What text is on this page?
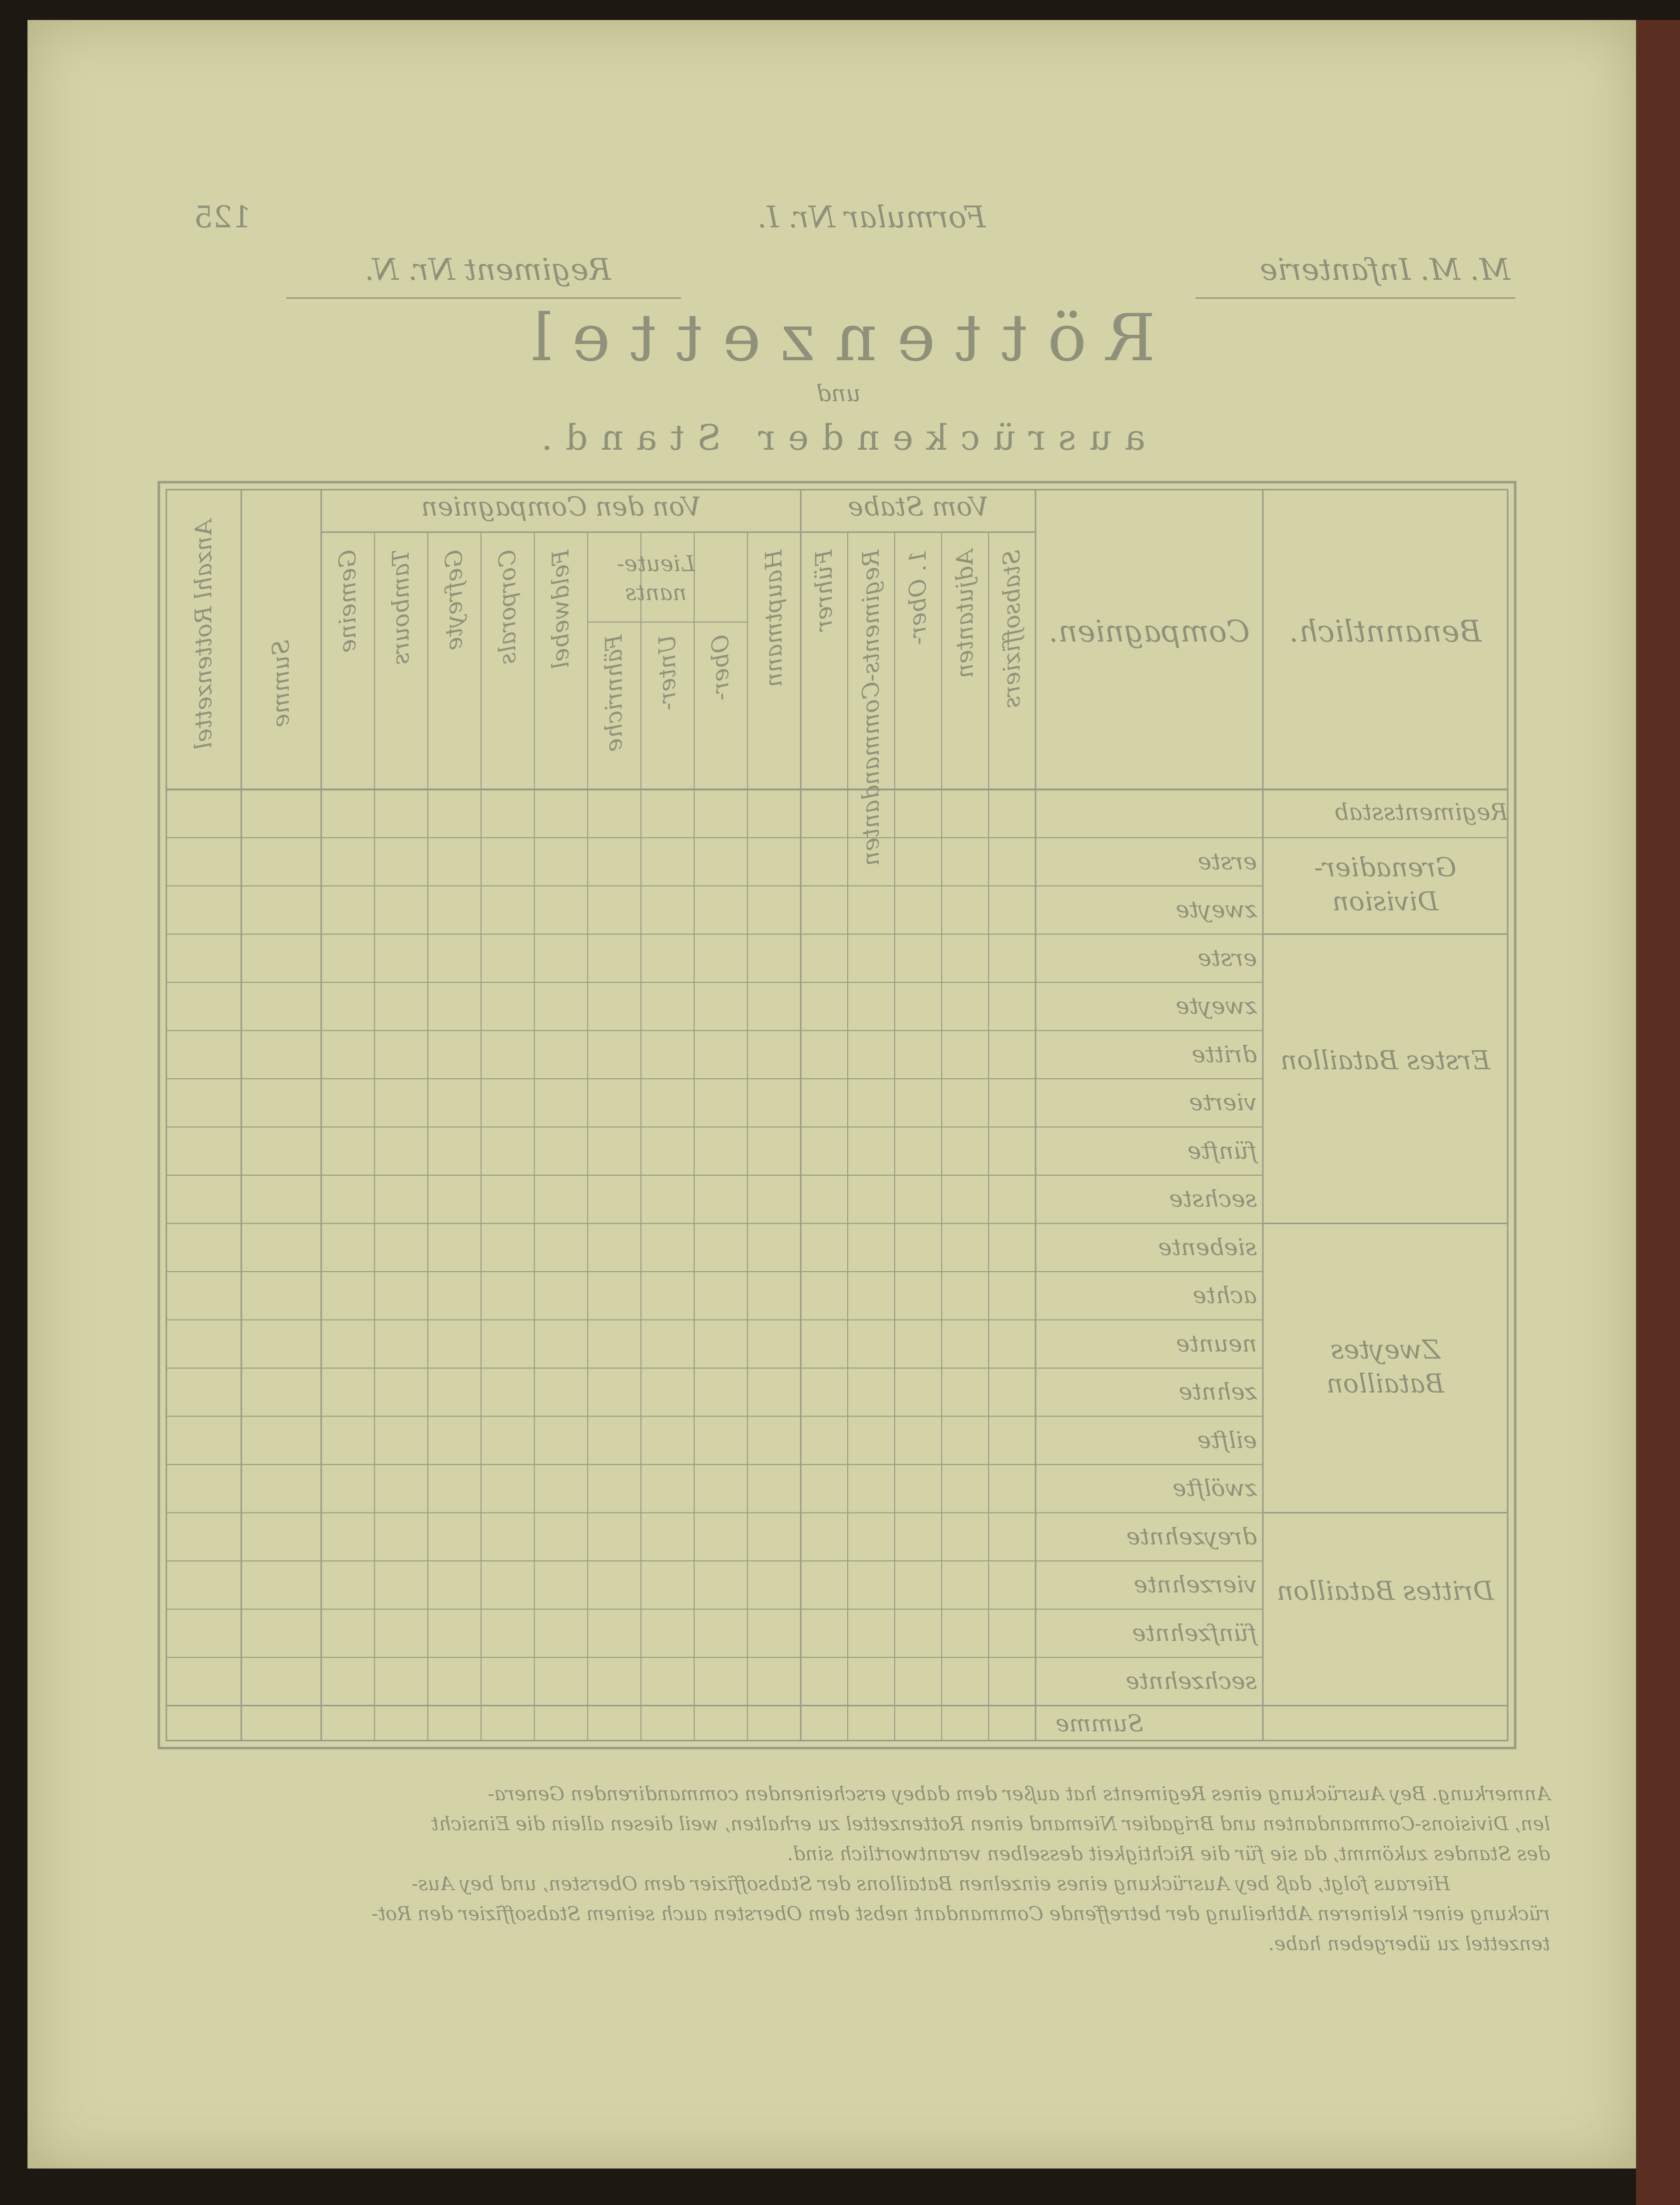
M. M. Infanterie
Formular Nr. I.
Regiment Nr. N.
125
Röttenzettel
und
ausrückender Stand.
Benanntlich.
Compagnien.
Vom Stabe
Von den Compagnien
Lieute-nants	Stabsoffiziers
Adjutanten
1. Ober-
Regiments-Commandanten
Führer
Hauptmann
Ober-
Unter-
Fähnriche
Feldwebel
Corporals
Gefreyte
Tambours
Gemeine
Summe
Anzahl Rottenzettel
Regimentsstab
Grenadier-Division
erste
zweyte
Erstes Bataillon
erste
zweyte
dritte
vierte
fünfte
sechste
Zweytes Bataillon
siebente
achte
neunte
zehnte
eilfte
zwölfte
Drittes Bataillon
dreyzehnte
vierzehnte
fünfzehnte
sechzehnte
Summe
Anmerkung. Bey Ausrückung eines Regiments hat außer dem dabey erscheinenden commandirenden Genera-
len, Divisions-Commandanten und Brigadier Niemand einen Rottenzettel zu erhalten, weil diesen allein die Einsicht
des Standes zukömmt, da sie für die Richtigkeit desselben verantwortlich sind.
Hieraus folgt, daß bey Ausrückung eines einzelnen Bataillons der Stabsoffizier dem Obersten, und bey Aus-
rückung einer kleineren Abtheilung der betreffende Commandant nebst dem Obersten auch seinem Stabsoffizier den Rot-
tenzettel zu übergeben habe.
